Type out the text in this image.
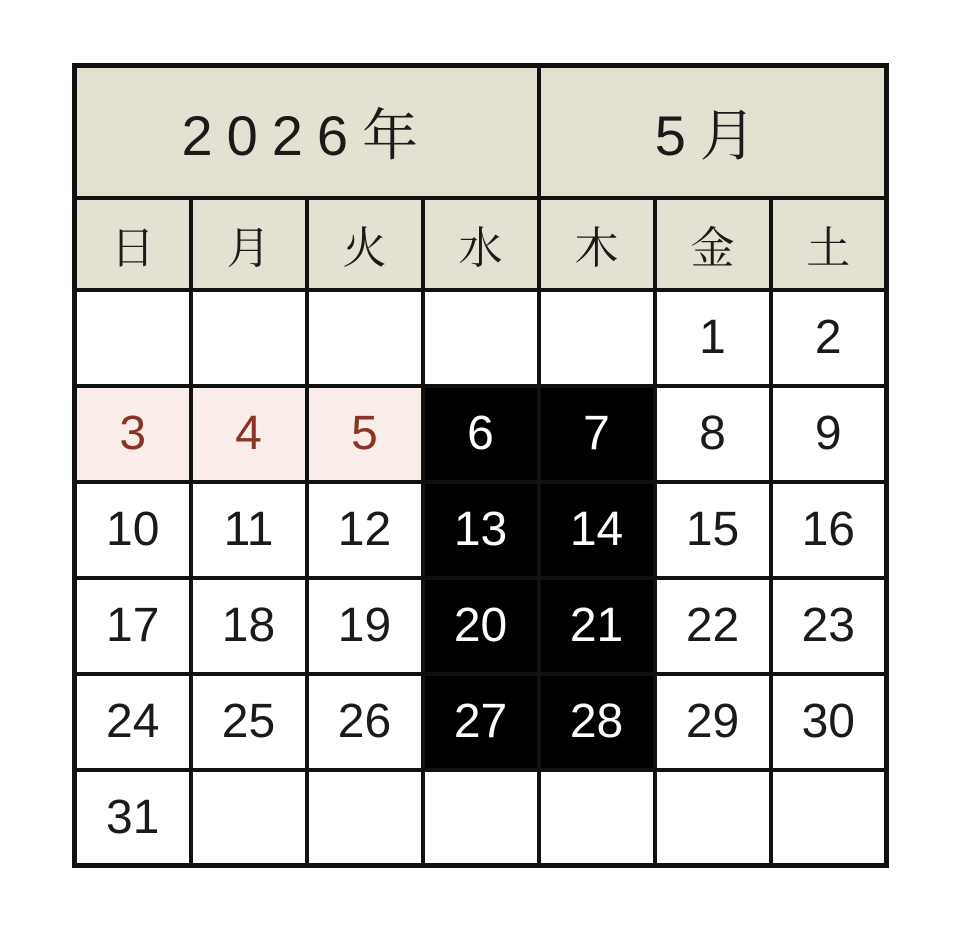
2026年				5月		
日	月	火	水	木	金	土
					1	2
3	4	5	6	7	8	9
10	11	12	13	14	15	16
17	18	19	20	21	22	23
24	25	26	27	28	29	30
31						
